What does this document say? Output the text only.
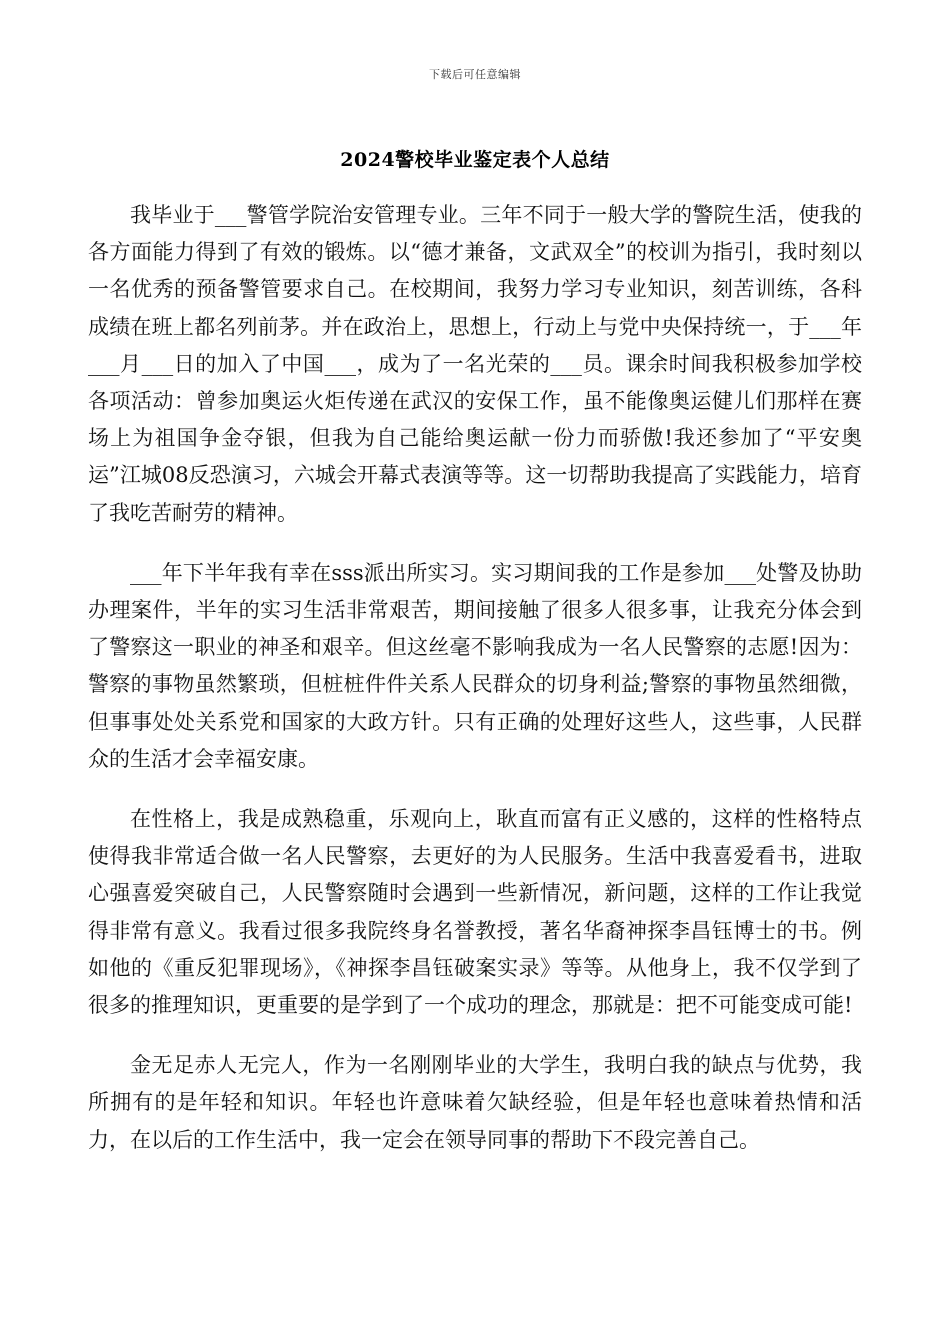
下载后可任意编辑
2024警校毕业鉴定表个人总结

我毕业于___警管学院治安管理专业。三年不同于一般大学的警院生活，使我的各方面能力得到了有效的锻炼。以“德才兼备，文武双全”的校训为指引，我时刻以一名优秀的预备警管要求自己。在校期间，我努力学习专业知识，刻苦训练，各科成绩在班上都名列前茅。并在政治上，思想上，行动上与党中央保持统一，于___年___月___日的加入了中国___，成为了一名光荣的___员。课余时间我积极参加学校各项活动：曾参加奥运火炬传递在武汉的安保工作，虽不能像奥运健儿们那样在赛场上为祖国争金夺银，但我为自己能给奥运献一份力而骄傲!我还参加了“平安奥运”江城08反恐演习，六城会开幕式表演等等。这一切帮助我提高了实践能力，培育了我吃苦耐劳的精神。

___年下半年我有幸在sss派出所实习。实习期间我的工作是参加___处警及协助办理案件，半年的实习生活非常艰苦，期间接触了很多人很多事，让我充分体会到了警察这一职业的神圣和艰辛。但这丝毫不影响我成为一名人民警察的志愿!因为：警察的事物虽然繁琐，但桩桩件件关系人民群众的切身利益;警察的事物虽然细微，但事事处处关系党和国家的大政方针。只有正确的处理好这些人，这些事，人民群众的生活才会幸福安康。

在性格上，我是成熟稳重，乐观向上，耿直而富有正义感的，这样的性格特点使得我非常适合做一名人民警察，去更好的为人民服务。生活中我喜爱看书，进取心强喜爱突破自己，人民警察随时会遇到一些新情况，新问题，这样的工作让我觉得非常有意义。我看过很多我院终身名誉教授，著名华裔神探李昌钰博士的书。例如他的《重反犯罪现场》，《神探李昌钰破案实录》等等。从他身上，我不仅学到了很多的推理知识，更重要的是学到了一个成功的理念，那就是：把不可能变成可能!

金无足赤人无完人，作为一名刚刚毕业的大学生，我明白我的缺点与优势，我所拥有的是年轻和知识。年轻也许意味着欠缺经验，但是年轻也意味着热情和活力，在以后的工作生活中，我一定会在领导同事的帮助下不段完善自己。
